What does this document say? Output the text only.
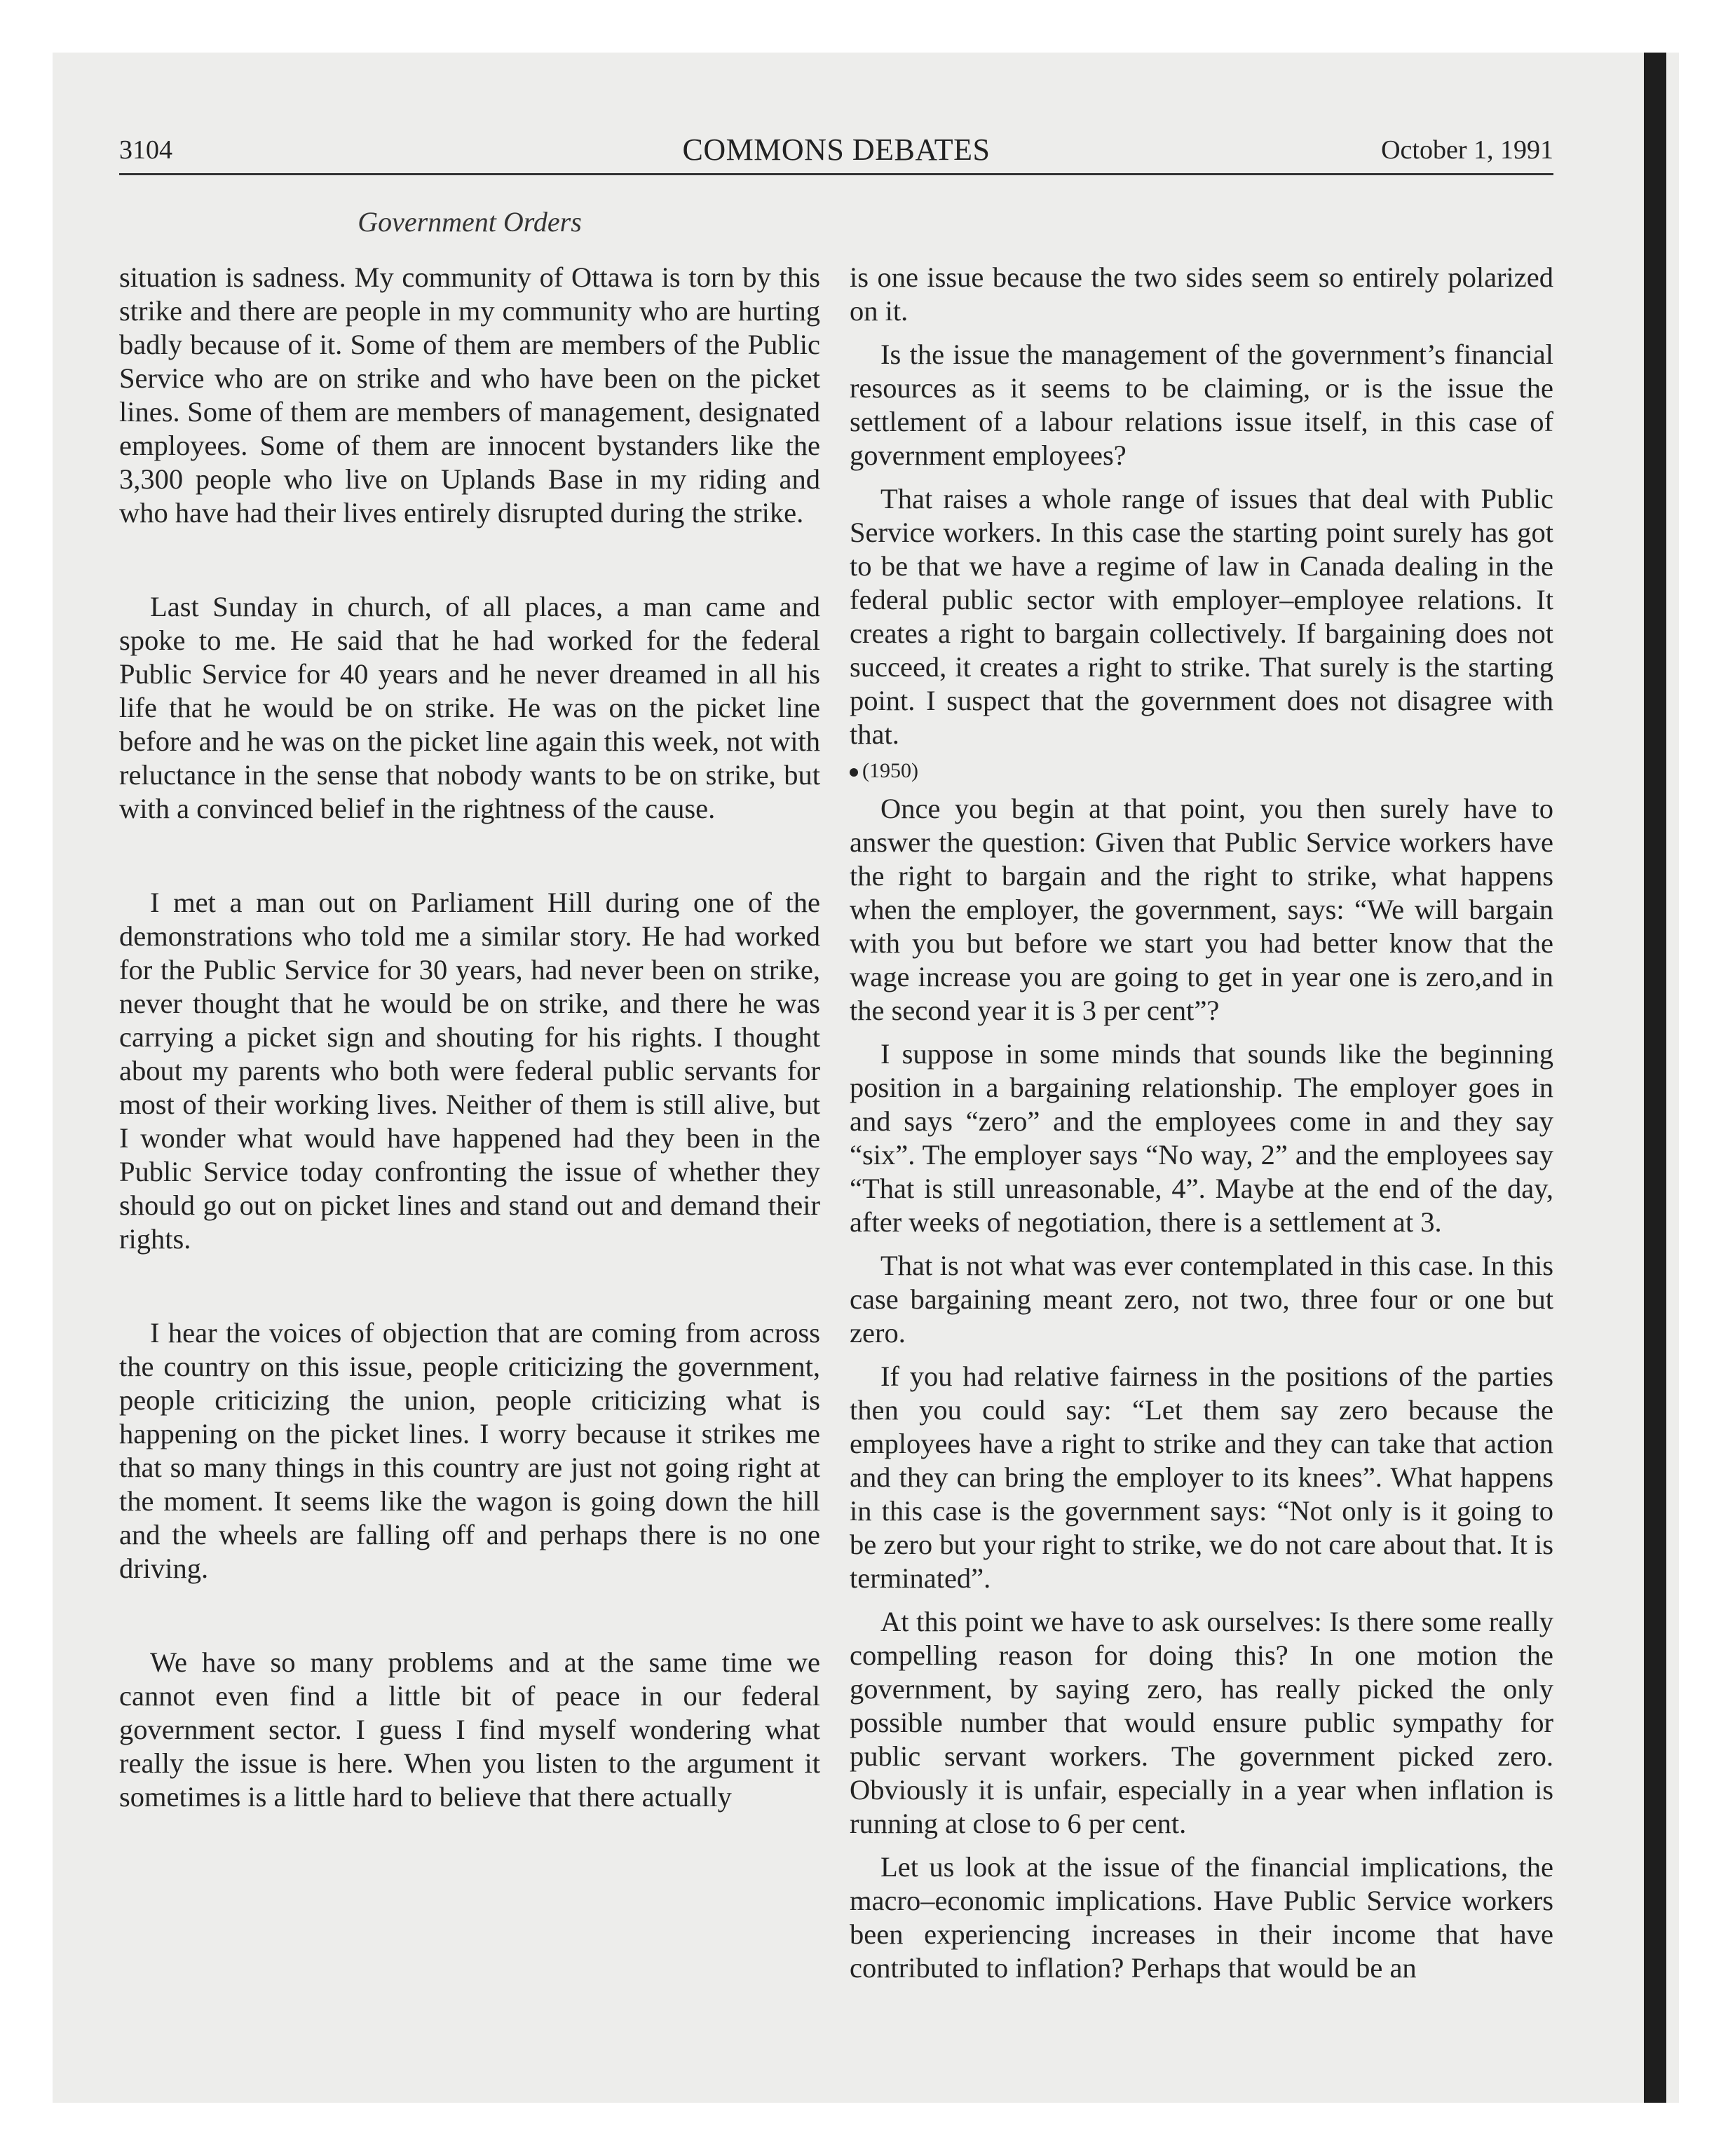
3104	COMMONS DEBATES	October 1, 1991
Government Orders

situation is sadness. My community of Ottawa is torn by this strike and there are people in my community who are hurting badly because of it. Some of them are members of the Public Service who are on strike and who have been on the picket lines. Some of them are members of management, designated employees. Some of them are innocent bystanders like the 3,300 people who live on Uplands Base in my riding and who have had their lives entirely disrupted during the strike.

Last Sunday in church, of all places, a man came and spoke to me. He said that he had worked for the federal Public Service for 40 years and he never dreamed in all his life that he would be on strike. He was on the picket line before and he was on the picket line again this week, not with reluctance in the sense that nobody wants to be on strike, but with a convinced belief in the rightness of the cause.

I met a man out on Parliament Hill during one of the demonstrations who told me a similar story. He had worked for the Public Service for 30 years, had never been on strike, never thought that he would be on strike, and there he was carrying a picket sign and shouting for his rights. I thought about my parents who both were federal public servants for most of their working lives. Neither of them is still alive, but I wonder what would have happened had they been in the Public Service today confronting the issue of whether they should go out on picket lines and stand out and demand their rights.

I hear the voices of objection that are coming from across the country on this issue, people criticizing the government, people criticizing the union, people criticizing what is happening on the picket lines. I worry because it strikes me that so many things in this country are just not going right at the moment. It seems like the wagon is going down the hill and the wheels are falling off and perhaps there is no one driving.

We have so many problems and at the same time we cannot even find a little bit of peace in our federal government sector. I guess I find myself wondering what really the issue is here. When you listen to the argument it sometimes is a little hard to believe that there actually

is one issue because the two sides seem so entirely polarized on it.

Is the issue the management of the government’s financial resources as it seems to be claiming, or is the issue the settlement of a labour relations issue itself, in this case of government employees?

That raises a whole range of issues that deal with Public Service workers. In this case the starting point surely has got to be that we have a regime of law in Canada dealing in the federal public sector with employer–employee relations. It creates a right to bargain collectively. If bargaining does not succeed, it creates a right to strike. That surely is the starting point. I suspect that the government does not disagree with that.

(1950)

Once you begin at that point, you then surely have to answer the question: Given that Public Service workers have the right to bargain and the right to strike, what happens when the employer, the government, says: “We will bargain with you but before we start you had better know that the wage increase you are going to get in year one is zero,and in the second year it is 3 per cent”?

I suppose in some minds that sounds like the beginning position in a bargaining relationship. The employer goes in and says “zero” and the employees come in and they say “six”. The employer says “No way, 2” and the employees say “That is still unreasonable, 4”. Maybe at the end of the day, after weeks of negotiation, there is a settlement at 3.

That is not what was ever contemplated in this case. In this case bargaining meant zero, not two, three four or one but zero.

If you had relative fairness in the positions of the parties then you could say: “Let them say zero because the employees have a right to strike and they can take that action and they can bring the employer to its knees”. What happens in this case is the government says: “Not only is it going to be zero but your right to strike, we do not care about that. It is terminated”.

At this point we have to ask ourselves: Is there some really compelling reason for doing this? In one motion the government, by saying zero, has really picked the only possible number that would ensure public sympathy for public servant workers. The government picked zero. Obviously it is unfair, especially in a year when inflation is running at close to 6 per cent.

Let us look at the issue of the financial implications, the macro–economic implications. Have Public Service workers been experiencing increases in their income that have contributed to inflation? Perhaps that would be an
